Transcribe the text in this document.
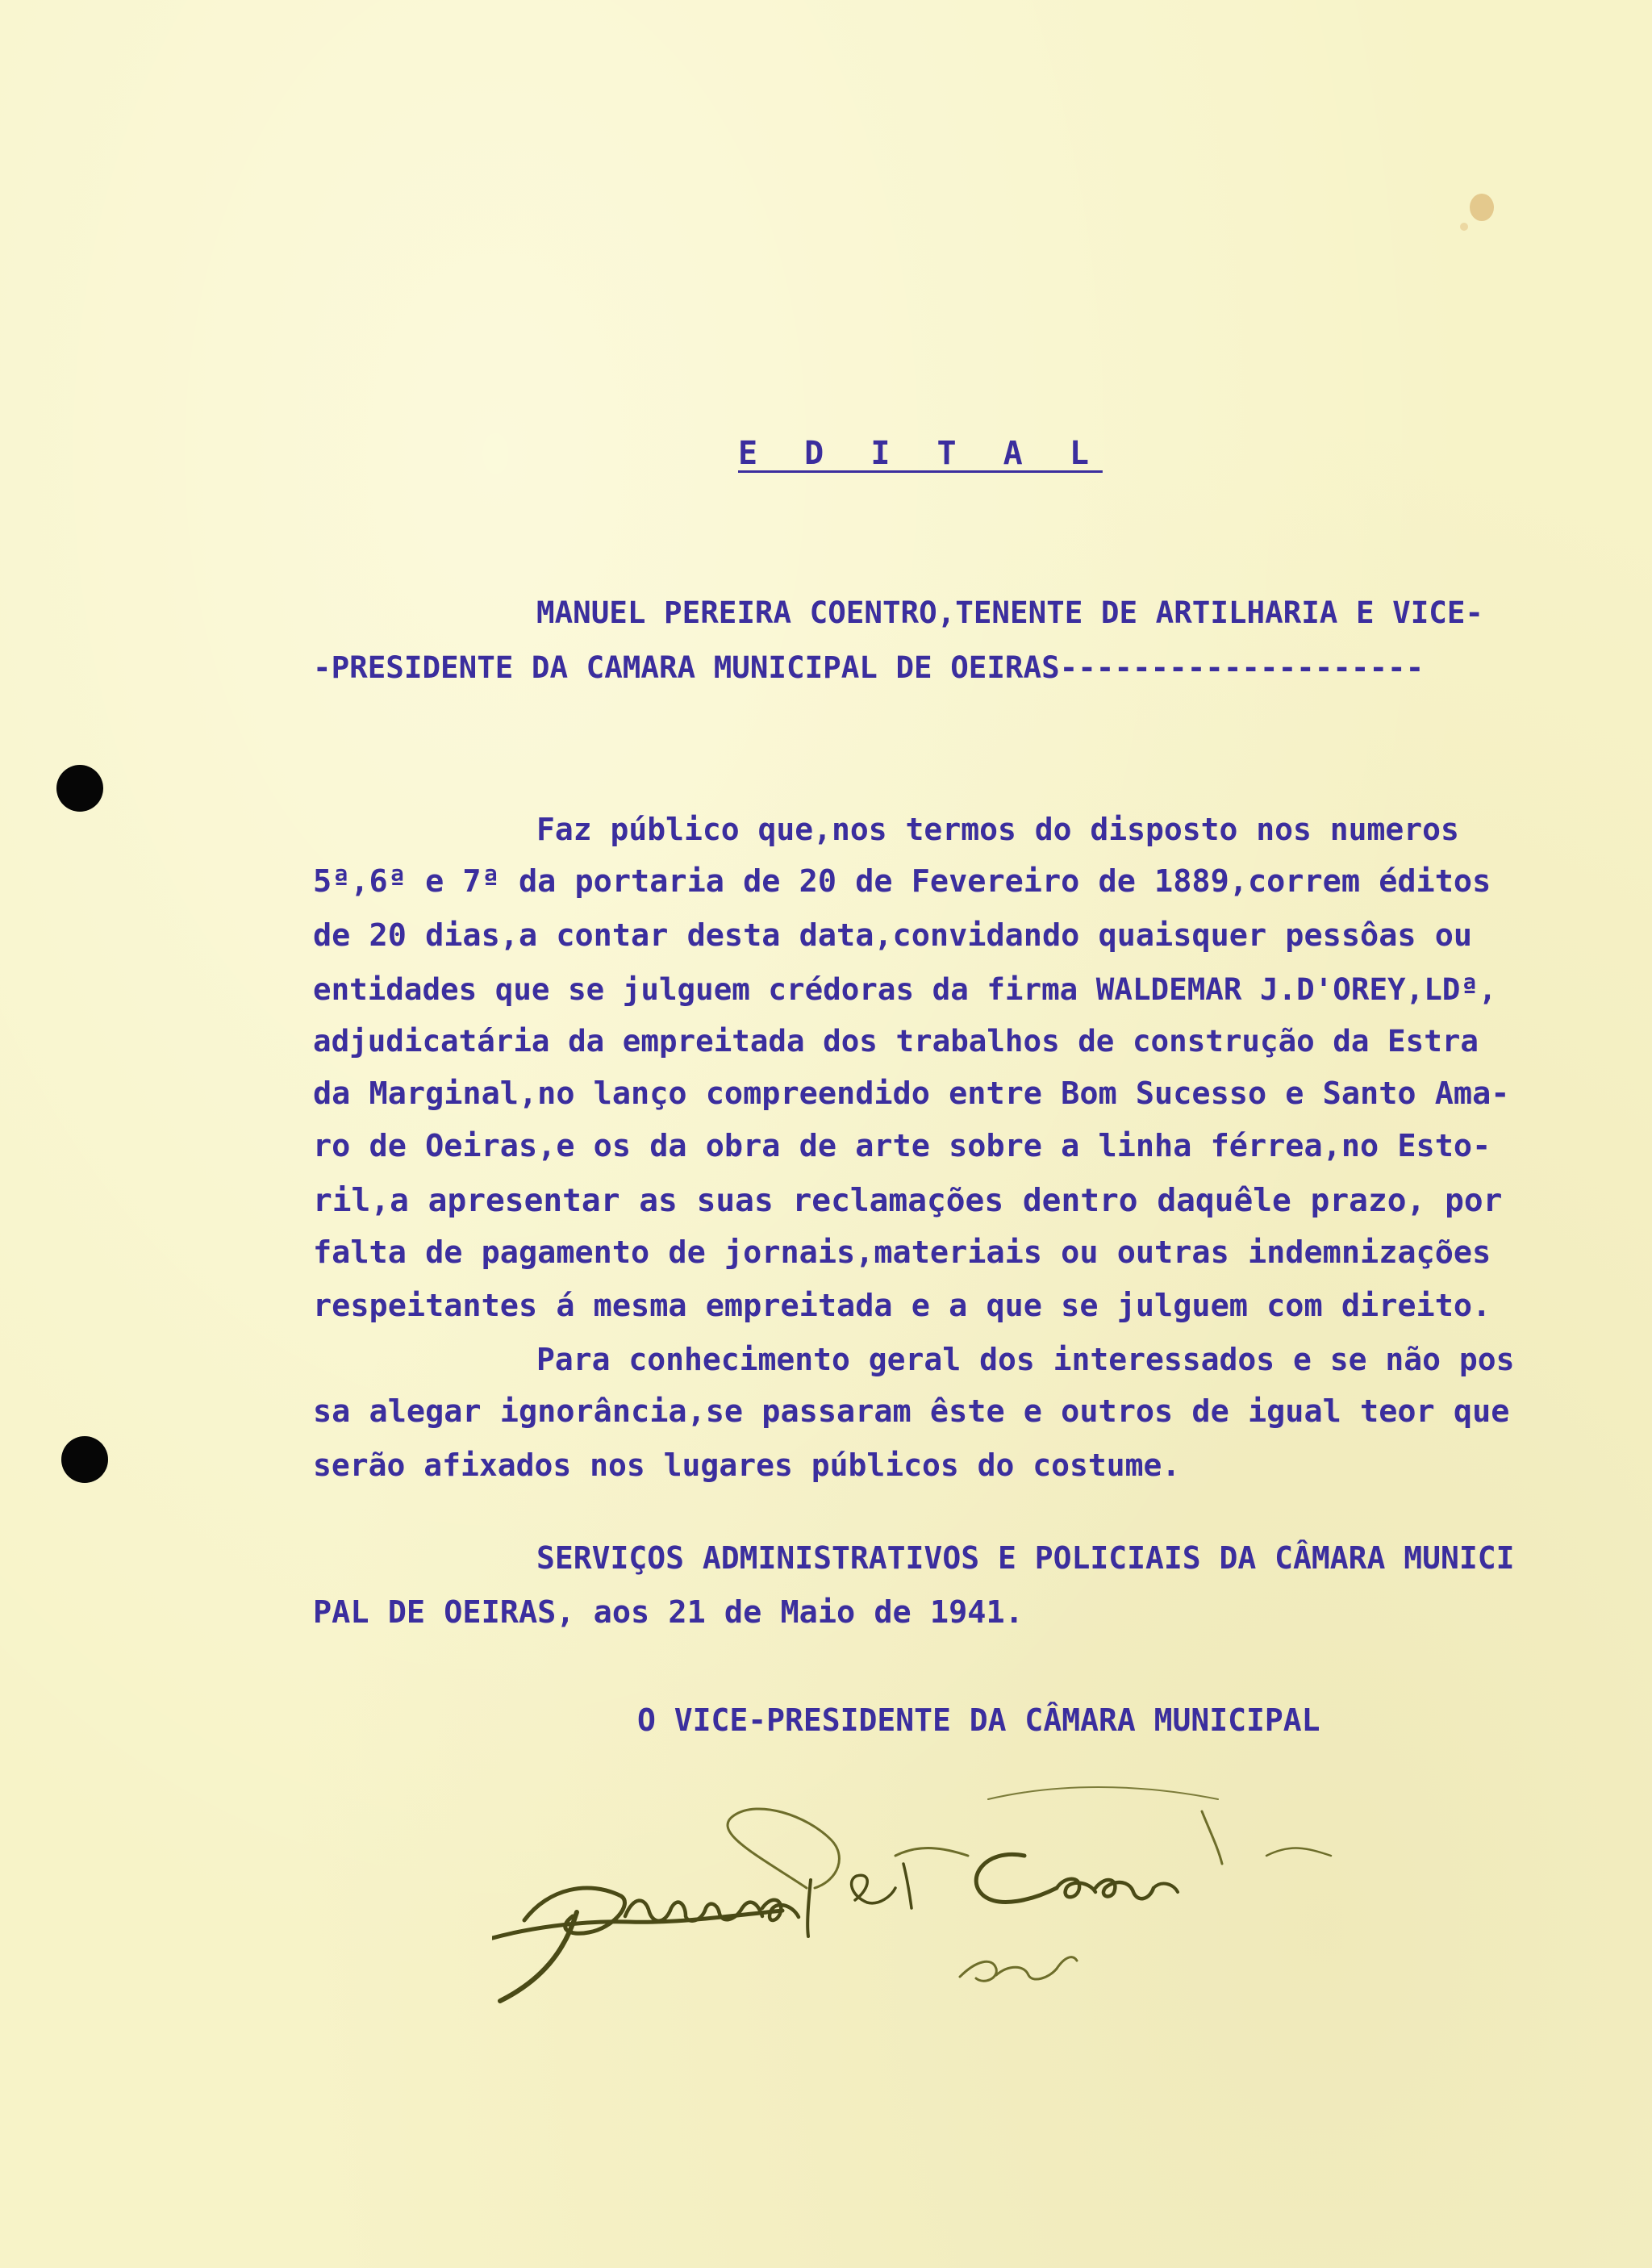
E D I T A L
MANUEL PEREIRA COENTRO,TENENTE DE ARTILHARIA E VICE-
-PRESIDENTE DA CAMARA MUNICIPAL DE OEIRAS--------------------
Faz público que,nos termos do disposto nos numeros
5ª,6ª e 7ª da portaria de 20 de Fevereiro de 1889,correm éditos
de 20 dias,a contar desta data,convidando quaisquer pessôas ou
entidades que se julguem crédoras da firma WALDEMAR J.D'OREY,LDª,
adjudicatária da empreitada dos trabalhos de construção da Estra
da Marginal,no lanço compreendido entre Bom Sucesso e Santo Ama-
ro de Oeiras,e os da obra de arte sobre a linha férrea,no Esto-
ril,a apresentar as suas reclamações dentro daquêle prazo, por
falta de pagamento de jornais,materiais ou outras indemnizações
respeitantes á mesma empreitada e a que se julguem com direito.
Para conhecimento geral dos interessados e se não pos
sa alegar ignorância,se passaram êste e outros de igual teor que
serão afixados nos lugares públicos do costume.
SERVIÇOS ADMINISTRATIVOS E POLICIAIS DA CÂMARA MUNICI
PAL DE OEIRAS, aos 21 de Maio de 1941.
O VICE-PRESIDENTE DA CÂMARA MUNICIPAL
